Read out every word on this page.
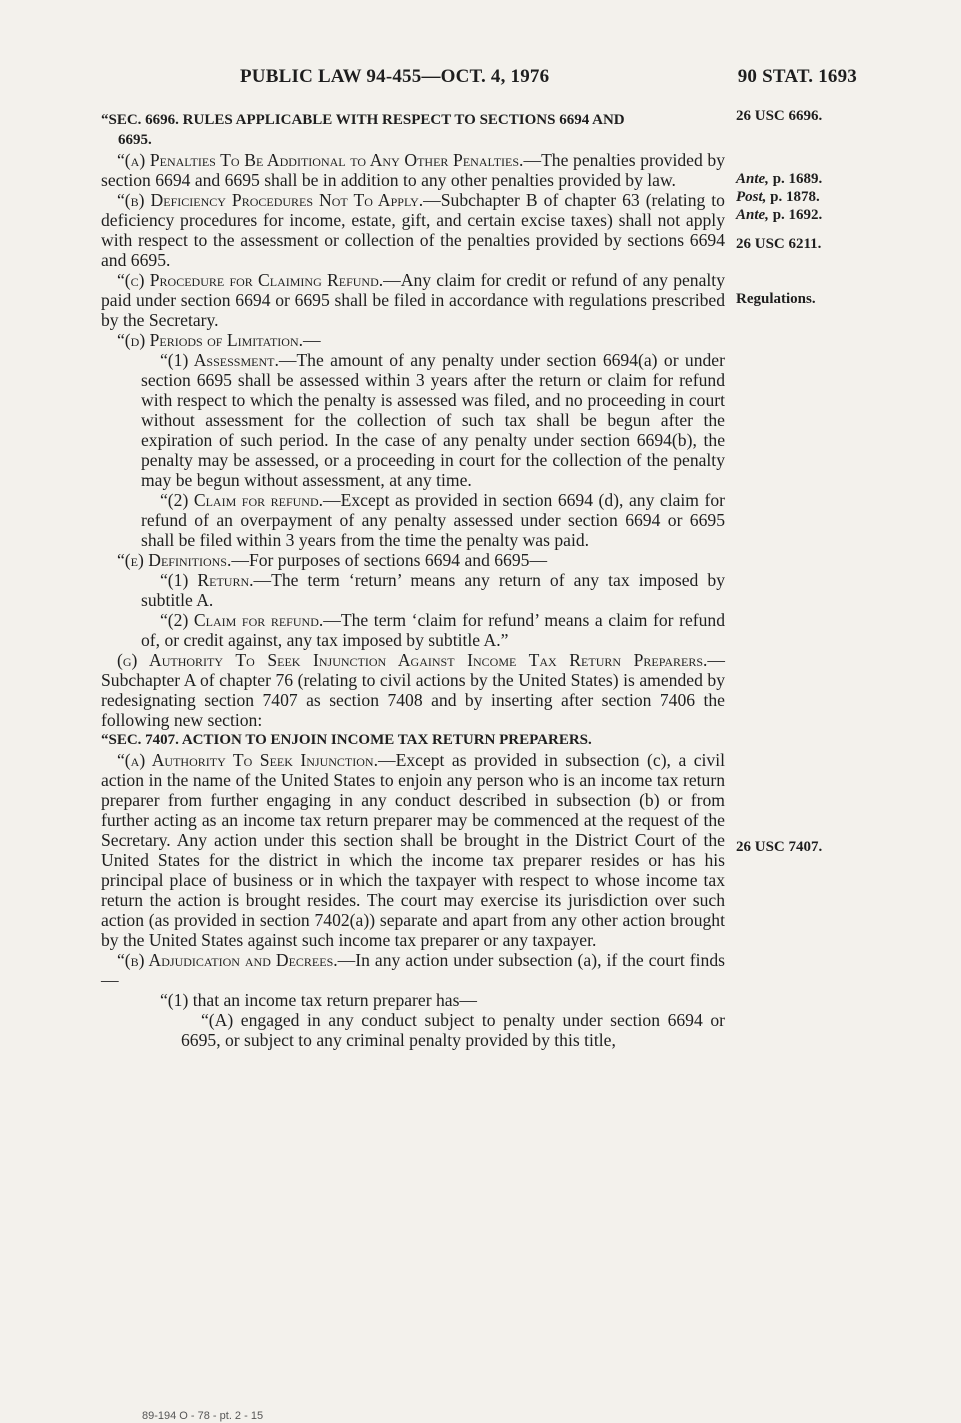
PUBLIC LAW 94-455—OCT. 4, 1976	90 STAT. 1693

“SEC. 6696. RULES APPLICABLE WITH RESPECT TO SECTIONS 6694 AND
6695.

“(a) Penalties To Be Additional to Any Other Penalties.—The penalties provided by section 6694 and 6695 shall be in addition to any other penalties provided by law.

“(b) Deficiency Procedures Not To Apply.—Subchapter B of chapter 63 (relating to deficiency procedures for income, estate, gift, and certain excise taxes) shall not apply with respect to the assessment or collection of the penalties provided by sections 6694 and 6695.

“(c) Procedure for Claiming Refund.—Any claim for credit or refund of any penalty paid under section 6694 or 6695 shall be filed in accordance with regulations prescribed by the Secretary.

“(d) Periods of Limitation.—

“(1) Assessment.—The amount of any penalty under section 6694(a) or under section 6695 shall be assessed within 3 years after the return or claim for refund with respect to which the penalty is assessed was filed, and no proceeding in court without assessment for the collection of such tax shall be begun after the expiration of such period. In the case of any penalty under section 6694(b), the penalty may be assessed, or a proceeding in court for the collection of the penalty may be begun without assessment, at any time.

“(2) Claim for refund.—Except as provided in section 6694 (d), any claim for refund of an overpayment of any penalty assessed under section 6694 or 6695 shall be filed within 3 years from the time the penalty was paid.

“(e) Definitions.—For purposes of sections 6694 and 6695—

“(1) Return.—The term ‘return’ means any return of any tax imposed by subtitle A.

“(2) Claim for refund.—The term ‘claim for refund’ means a claim for refund of, or credit against, any tax imposed by subtitle A.”

(g) Authority To Seek Injunction Against Income Tax Return Preparers.—Subchapter A of chapter 76 (relating to civil actions by the United States) is amended by redesignating section 7407 as section 7408 and by inserting after section 7406 the following new section:

“SEC. 7407. ACTION TO ENJOIN INCOME TAX RETURN PREPARERS.

“(a) Authority To Seek Injunction.—Except as provided in subsection (c), a civil action in the name of the United States to enjoin any person who is an income tax return preparer from further engaging in any conduct described in subsection (b) or from further acting as an income tax return preparer may be commenced at the request of the Secretary. Any action under this section shall be brought in the District Court of the United States for the district in which the income tax preparer resides or has his principal place of business or in which the taxpayer with respect to whose income tax return the action is brought resides. The court may exercise its jurisdiction over such action (as provided in section 7402(a)) separate and apart from any other action brought by the United States against such income tax preparer or any taxpayer.

“(b) Adjudication and Decrees.—In any action under subsection (a), if the court finds—

“(1) that an income tax return preparer has—

“(A) engaged in any conduct subject to penalty under section 6694 or 6695, or subject to any criminal penalty provided by this title,

26 USC 6696.
Ante, p. 1689.
Post, p. 1878.
Ante, p. 1692.
26 USC 6211.
Regulations.
26 USC 7407.
89-194 O - 78 - pt. 2 - 15
